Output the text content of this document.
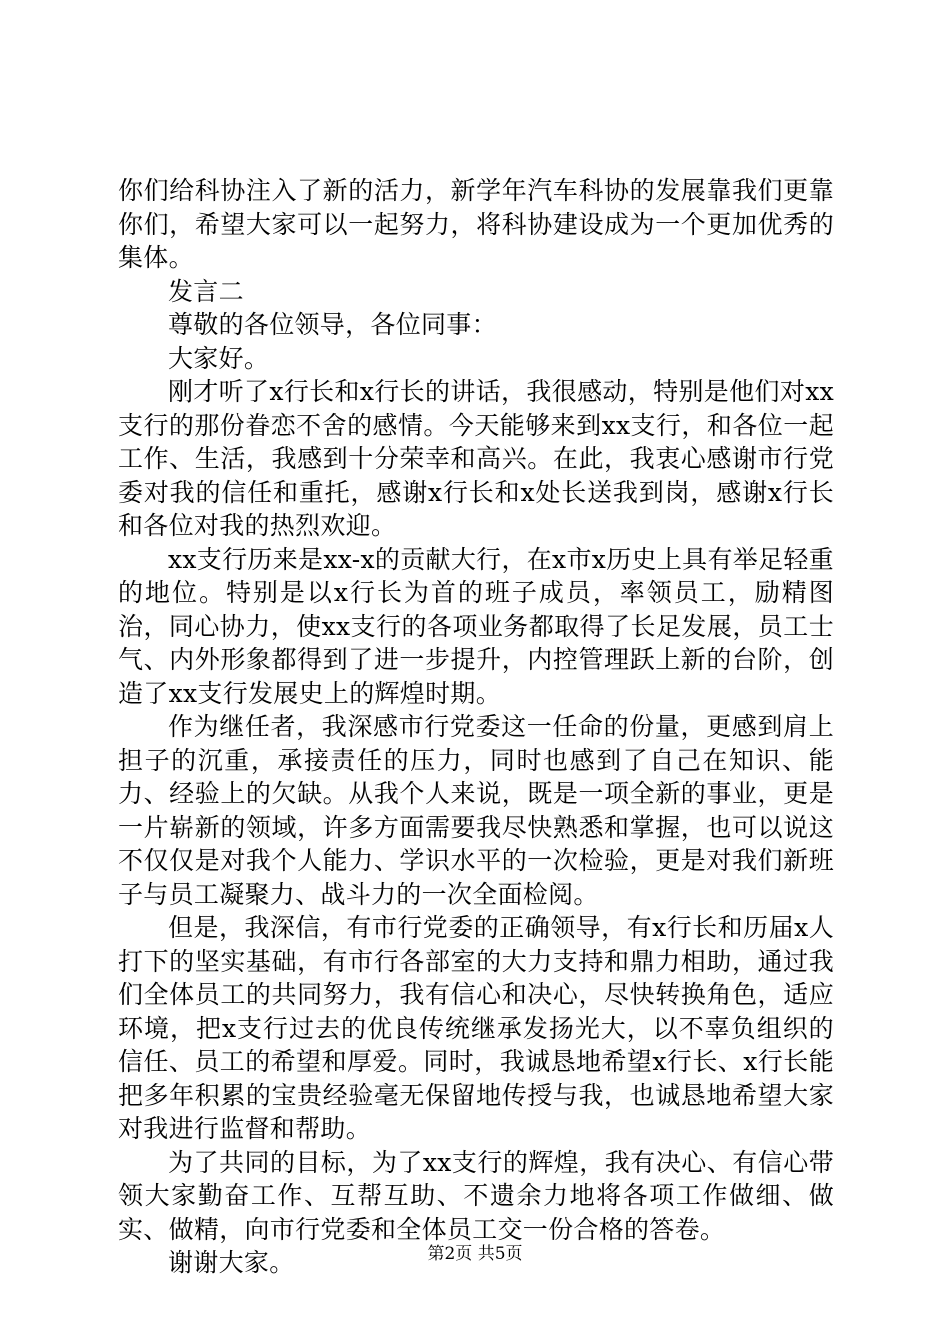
你们给科协注入了新的活力，新学年汽车科协的发展靠我们更靠你们，希望大家可以一起努力，将科协建设成为一个更加优秀的集体。

发言二

尊敬的各位领导，各位同事：

大家好。

刚才听了x行长和x行长的讲话，我很感动，特别是他们对xx支行的那份眷恋不舍的感情。今天能够来到xx支行，和各位一起工作、生活，我感到十分荣幸和高兴。在此，我衷心感谢市行党委对我的信任和重托，感谢x行长和x处长送我到岗，感谢x行长和各位对我的热烈欢迎。

xx支行历来是xx-x的贡献大行，在x市x历史上具有举足轻重的地位。特别是以x行长为首的班子成员，率领员工，励精图治，同心协力，使xx支行的各项业务都取得了长足发展，员工士气、内外形象都得到了进一步提升，内控管理跃上新的台阶，创造了xx支行发展史上的辉煌时期。

作为继任者，我深感市行党委这一任命的份量，更感到肩上担子的沉重，承接责任的压力，同时也感到了自己在知识、能力、经验上的欠缺。从我个人来说，既是一项全新的事业，更是一片崭新的领域，许多方面需要我尽快熟悉和掌握，也可以说这不仅仅是对我个人能力、学识水平的一次检验，更是对我们新班子与员工凝聚力、战斗力的一次全面检阅。

但是，我深信，有市行党委的正确领导，有x行长和历届x人打下的坚实基础，有市行各部室的大力支持和鼎力相助，通过我们全体员工的共同努力，我有信心和决心，尽快转换角色，适应环境，把x支行过去的优良传统继承发扬光大，以不辜负组织的信任、员工的希望和厚爱。同时，我诚恳地希望x行长、x行长能把多年积累的宝贵经验毫无保留地传授与我，也诚恳地希望大家对我进行监督和帮助。

为了共同的目标，为了xx支行的辉煌，我有决心、有信心带领大家勤奋工作、互帮互助、不遗余力地将各项工作做细、做实、做精，向市行党委和全体员工交一份合格的答卷。

谢谢大家。	第2页 共5页
